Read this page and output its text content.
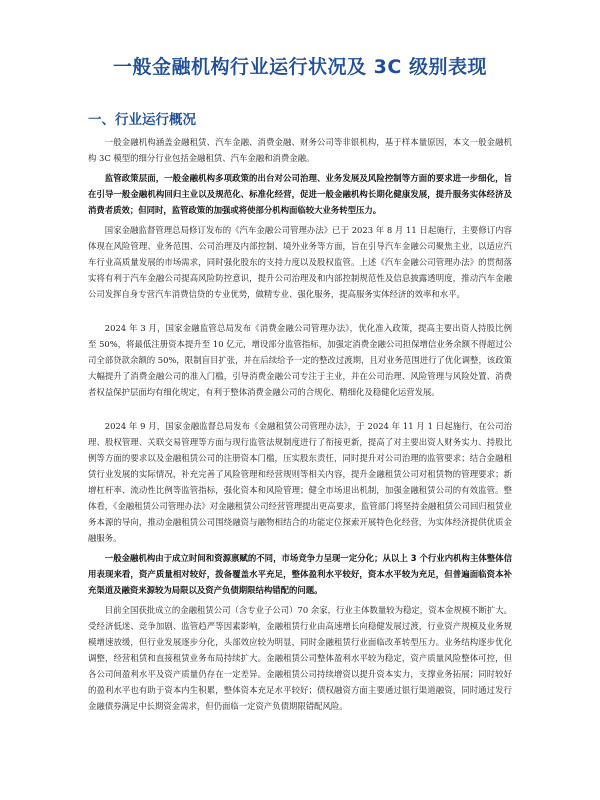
一般金融机构行业运行状况及 3C 级别表现
一、行业运行概况

一般金融机构涵盖金融租赁、汽车金融、消费金融、财务公司等非银机构，基于样本量原因，本文一般金融机构 3C 模型的细分行业包括金融租赁、汽车金融和消费金融。

监管政策层面，一般金融机构多项政策的出台对公司治理、业务发展及风险控制等方面的要求进一步细化，旨在引导一般金融机构回归主业以及规范化、标准化经营，促进一般金融机构长期化健康发展，提升服务实体经济及消费者质效；但同时，监管政策的加强或将使部分机构面临较大业务转型压力。

国家金融监督管理总局修订发布的《汽车金融公司管理办法》已于 2023 年 8 月 11 日起施行，主要修订内容体现在风险管理、业务范围、公司治理及内部控制、境外业务等方面，旨在引导汽车金融公司聚焦主业，以适应汽车行业高质量发展的市场需求，同时强化股东的支持力度以及股权监管。上述《汽车金融公司管理办法》的贯彻落实将有利于汽车金融公司提高风险防控意识，提升公司治理及和内部控制规范性及信息披露透明度，推动汽车金融公司发挥自身专营汽车消费信贷的专业优势，做精专业、强化服务，提高服务实体经济的效率和水平。

2024 年 3 月，国家金融监管总局发布《消费金融公司管理办法》，优化准入政策，提高主要出资人持股比例至 50%，将最低注册资本提升至 10 亿元，增设部分监管指标，加强定消费金融公司担保增信业务余额不得超过公司全部贷款余额的 50%，限制盲目扩张，并在后续给予一定的整改过渡期，且对业务范围进行了优化调整，该政策大幅提升了消费金融公司的准入门槛，引导消费金融公司专注于主业，并在公司治理、风险管理与风险处置、消费者权益保护层面均有细化规定，有利于整体消费金融公司的合规化、精细化及稳健化运营发展。

2024 年 9 月，国家金融监督总局发布《金融租赁公司管理办法》，于 2024 年 11 月 1 日起施行，在公司治理、股权管理、关联交易管理等方面与现行监管法规制度进行了衔接更新，提高了对主要出资人财务实力、持股比例等方面的要求以及金融租赁公司的注册资本门槛，压实股东责任，同时提升对公司治理的监管要求；结合金融租赁行业发展的实际情况，补充完善了风险管理和经营规则等相关内容，提升金融租赁公司对租赁物的管理要求；新增杠杆率、流动性比例等监管指标，强化资本和风险管理；健全市场退出机制，加强金融租赁公司的有效监管。整体看，《金融租赁公司管理办法》对金融租赁公司经营管理提出更高要求，监管部门将坚持金融租赁公司回归租赁业务本源的导向，推动金融租赁公司围绕融资与融物相结合的功能定位探索开展特色化经营，为实体经济提供优质金融服务。

一般金融机构由于成立时间和资源禀赋的不同，市场竞争力呈现一定分化；从以上 3 个行业内机构主体整体信用表现来看，资产质量相对较好，拨备覆盖水平充足，整体盈利水平较好，资本水平较为充足，但普遍面临资本补充渠道及融资来源较为局限以及资产负债期限结构错配的问题。

目前全国获批成立的金融租赁公司（含专业子公司）70 余家，行业主体数量较为稳定，资本金规模不断扩大。受经济低迷、竞争加剧、监管趋严等因素影响，金融租赁行业由高速增长向稳健发展过渡，行业资产规模及业务规模增速放缓，但行业发展逐步分化，头部效应较为明显，同时金融租赁行业面临改革转型压力。业务结构逐步优化调整，经营租赁和直接租赁业务布局持续扩大。金融租赁公司整体盈利水平较为稳定，资产质量风险整体可控，但各公司间盈利水平及资产质量仍存在一定差异。金融租赁公司持续增资以提升资本实力，支撑业务拓展；同时较好的盈利水平也有助于资本内生积累，整体资本充足水平较好；债权融资方面主要通过银行渠道融资，同时通过发行金融债券满足中长期资金需求，但仍面临一定资产负债期限错配风险。
